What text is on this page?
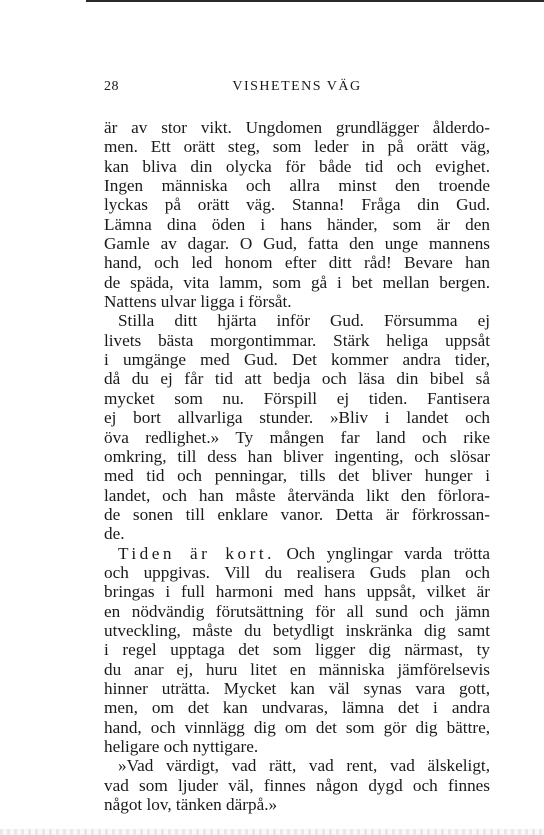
28	VISHETENS VÄG
är av stor vikt. Ungdomen grundlägger ålderdo-
men. Ett orätt steg, som leder in på orätt väg,
kan bliva din olycka för både tid och evighet.
Ingen människa och allra minst den troende
lyckas på orätt väg. Stanna! Fråga din Gud.
Lämna dina öden i hans händer, som är den
Gamle av dagar. O Gud, fatta den unge mannens
hand, och led honom efter ditt råd! Bevare han
de späda, vita lamm, som gå i bet mellan bergen.
Nattens ulvar ligga i försåt.
Stilla ditt hjärta inför Gud. Försumma ej
livets bästa morgontimmar. Stärk heliga uppsåt
i umgänge med Gud. Det kommer andra tider,
då du ej får tid att bedja och läsa din bibel så
mycket som nu. Förspill ej tiden. Fantisera
ej bort allvarliga stunder. »Bliv i landet och
öva redlighet.» Ty mången far land och rike
omkring, till dess han bliver ingenting, och slösar
med tid och penningar, tills det bliver hunger i
landet, och han måste återvända likt den förlora-
de sonen till enklare vanor. Detta är förkrossan-
de.
Tiden är kort. Och ynglingar varda trötta
och uppgivas. Vill du realisera Guds plan och
bringas i full harmoni med hans uppsåt, vilket är
en nödvändig förutsättning för all sund och jämn
utveckling, måste du betydligt inskränka dig samt
i regel upptaga det som ligger dig närmast, ty
du anar ej, huru litet en människa jämförelsevis
hinner uträtta. Mycket kan väl synas vara gott,
men, om det kan undvaras, lämna det i andra
hand, och vinnlägg dig om det som gör dig bättre,
heligare och nyttigare.
»Vad värdigt, vad rätt, vad rent, vad älskeligt,
vad som ljuder väl, finnes någon dygd och finnes
något lov, tänken därpå.»
